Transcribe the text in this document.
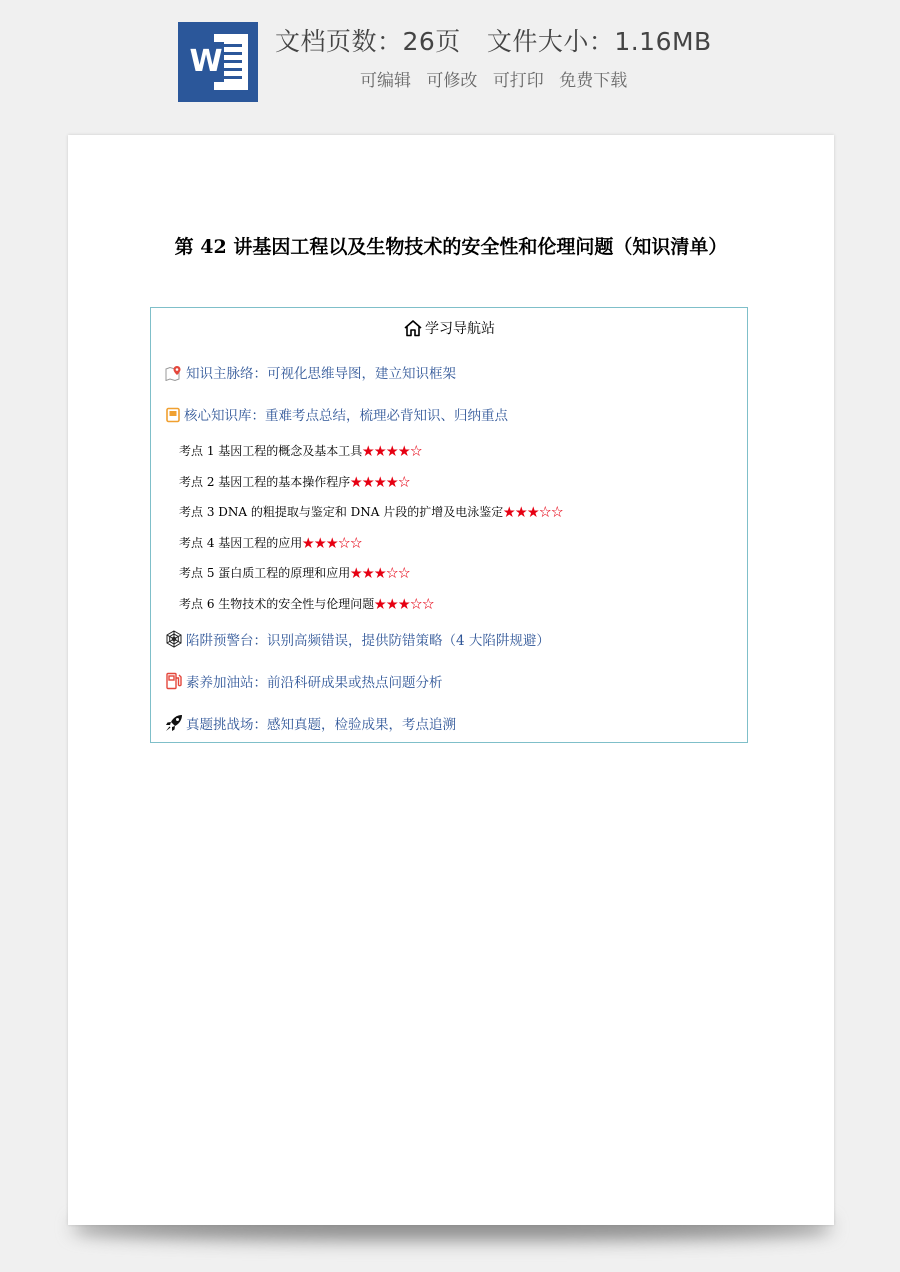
W
文档页数：26页 文件大小：1.16MB
可编辑 可修改 可打印 免费下载
第 42 讲基因工程以及生物技术的安全性和伦理问题（知识清单）
学习导航站
知识主脉络：可视化思维导图，建立知识框架
核心知识库：重难考点总结，梳理必背知识、归纳重点
考点 1 基因工程的概念及基本工具★★★★☆
考点 2 基因工程的基本操作程序★★★★☆
考点 3 DNA 的粗提取与鉴定和 DNA 片段的扩增及电泳鉴定★★★☆☆
考点 4 基因工程的应用★★★☆☆
考点 5 蛋白质工程的原理和应用★★★☆☆
考点 6 生物技术的安全性与伦理问题★★★☆☆
陷阱预警台：识别高频错误，提供防错策略（4 大陷阱规避）
素养加油站：前沿科研成果或热点问题分析
真题挑战场：感知真题，检验成果，考点追溯
